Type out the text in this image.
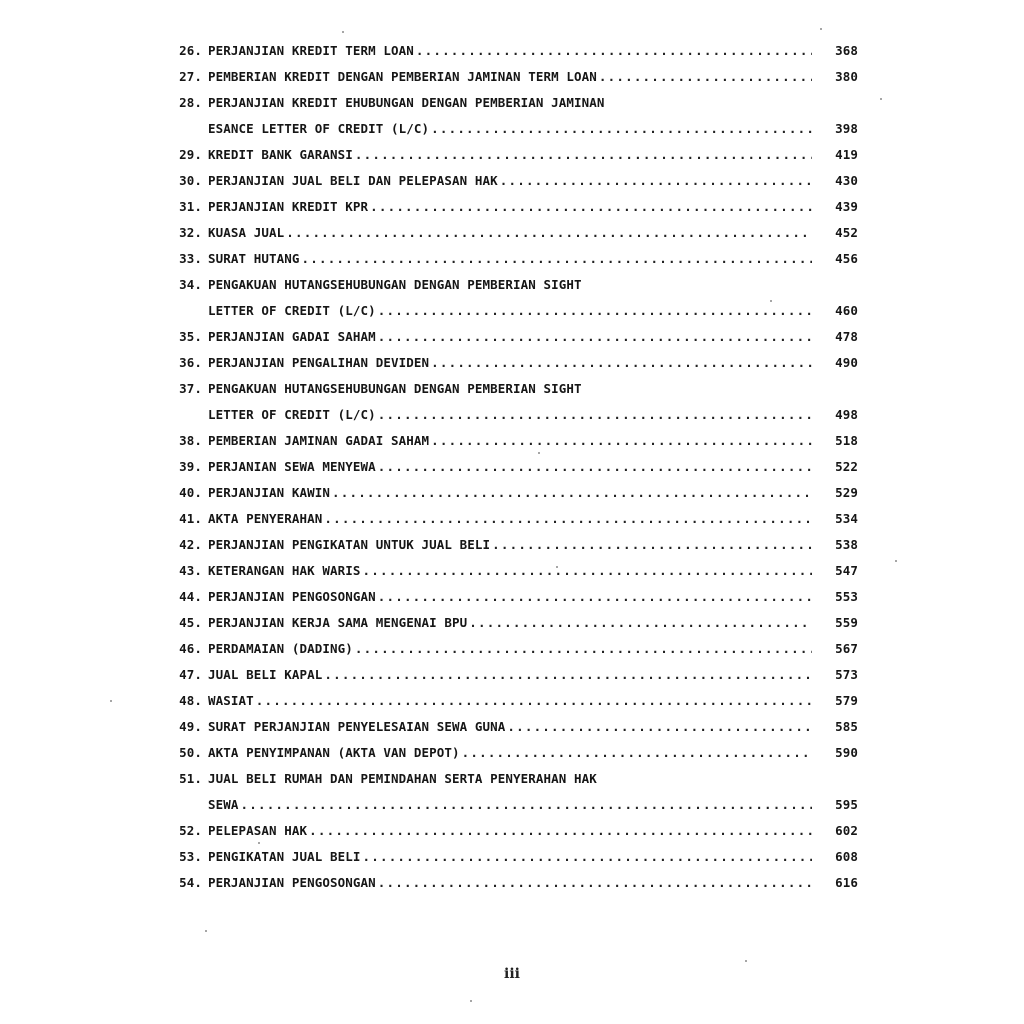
26. PERJANJIAN KREDIT TERM LOAN .....	368
27. PEMBERIAN KREDIT DENGAN PEMBERIAN JAMINAN TERM LOAN .....	380
28. PERJANJIAN KREDIT EHUBUNGAN DENGAN PEMBERIAN JAMINAN
ESANCE LETTER OF CREDIT (L/C) .....	398
29. KREDIT BANK GARANSI .....	419
30. PERJANJIAN JUAL BELI DAN PELEPASAN HAK .....	430
31. PERJANJIAN KREDIT KPR .....	439
32. KUASA JUAL .....	452
33. SURAT HUTANG .....	456
34. PENGAKUAN HUTANGSEHUBUNGAN DENGAN PEMBERIAN SIGHT
LETTER OF CREDIT (L/C) .....	460
35. PERJANJIAN GADAI SAHAM .....	478
36. PERJANJIAN PENGALIHAN DEVIDEN .....	490
37. PENGAKUAN HUTANGSEHUBUNGAN DENGAN PEMBERIAN SIGHT
LETTER OF CREDIT (L/C) .....	498
38. PEMBERIAN JAMINAN GADAI SAHAM .....	518
39. PERJANIAN SEWA MENYEWA .....	522
40. PERJANJIAN KAWIN .....	529
41. AKTA PENYERAHAN .....	534
42. PERJANJIAN PENGIKATAN UNTUK JUAL BELI .....	538
43. KETERANGAN HAK WARIS .....	547
44. PERJANJIAN PENGOSONGAN .....	553
45. PERJANJIAN KERJA SAMA MENGENAI BPU .....	559
46. PERDAMAIAN (DADING) .....	567
47. JUAL BELI KAPAL .....	573
48. WASIAT .....	579
49. SURAT PERJANJIAN PENYELESAIAN SEWA GUNA .....	585
50. AKTA PENYIMPANAN (AKTA VAN DEPOT) .....	590
51. JUAL BELI RUMAH DAN PEMINDAHAN SERTA PENYERAHAN HAK
SEWA .....	595
52. PELEPASAN HAK .....	602
53. PENGIKATAN JUAL BELI .....	608
54. PERJANJIAN PENGOSONGAN .....	616
iii
